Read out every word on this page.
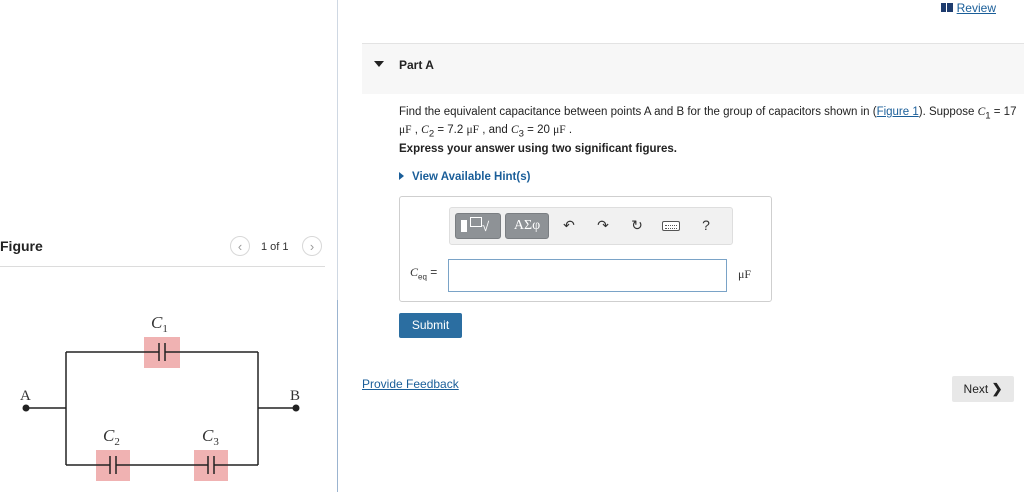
Figure	‹	1 of 1	›
$C_1$
$C_2$	$C_3$
A	B
Review
Part A
Find the equivalent capacitance between points A and B for the group of capacitors shown in (Figure 1). Suppose $C_1 = 17$ μF , $C_2 = 7.2$ μF , and $C_3 = 20$ μF .
Express your answer using two significant figures.
View Available Hint(s)
√	ΑΣφ	↶ ↷ ↻	?
$C_{eq}$ =	μF
Submit
Provide Feedback	Next ❯
